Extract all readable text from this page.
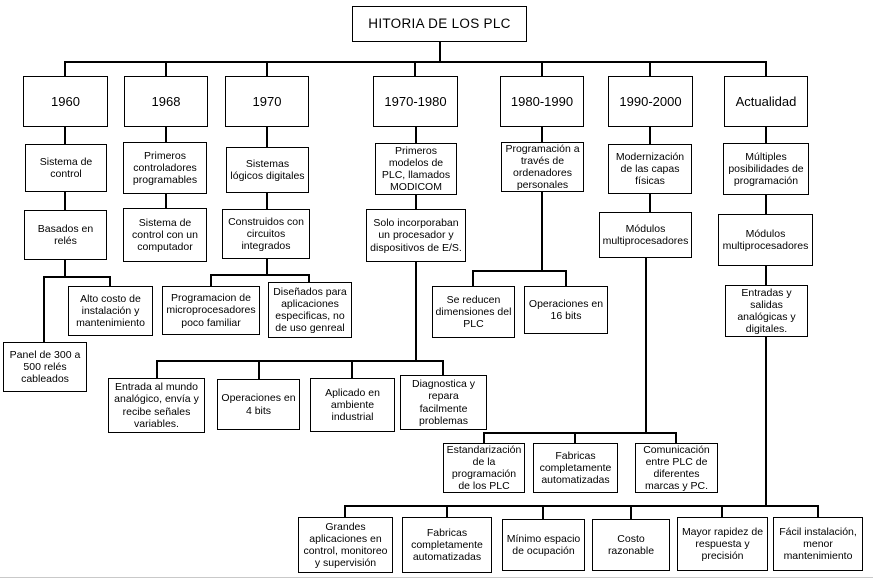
HITORIA DE LOS PLC
1960	1968	1970	1970-1980	1980-1990	1990-2000	Actualidad
Sistema de control
Basados en relés
Alto costo de instalación y mantenimiento
Panel de 300 a 500 relés cableados
Primeros controladores programables
Sistema de control con un computador
Sistemas lógicos digitales
Construidos con circuitos integrados
Programacion de microprocesadores poco familiar
Diseñados para aplicaciones especificas, no de uso genreal
Primeros modelos de PLC, llamados MODICOM
Solo incorporaban un procesador y dispositivos de E/S.
Entrada al mundo analógico, envía y recibe señales variables.
Operaciones en 4 bits
Aplicado en ambiente industrial
Diagnostica y repara facilmente problemas
Programación a través de ordenadores personales
Se reducen dimensiones del PLC
Operaciones en 16 bits
Modernización de las capas físicas
Módulos multiprocesadores
Estandarización de la programación de los PLC
Fabricas completamente automatizadas
Comunicación entre PLC de diferentes marcas y PC.
Múltiples posibilidades de programación
Módulos multiprocesadores
Entradas y salidas analógicas y digitales.
Grandes aplicaciones en control, monitoreo y supervisión
Fabricas completamente automatizadas
Mínimo espacio de ocupación
Costo razonable
Mayor rapidez de respuesta y precisión
Fácil instalación, menor mantenimiento
